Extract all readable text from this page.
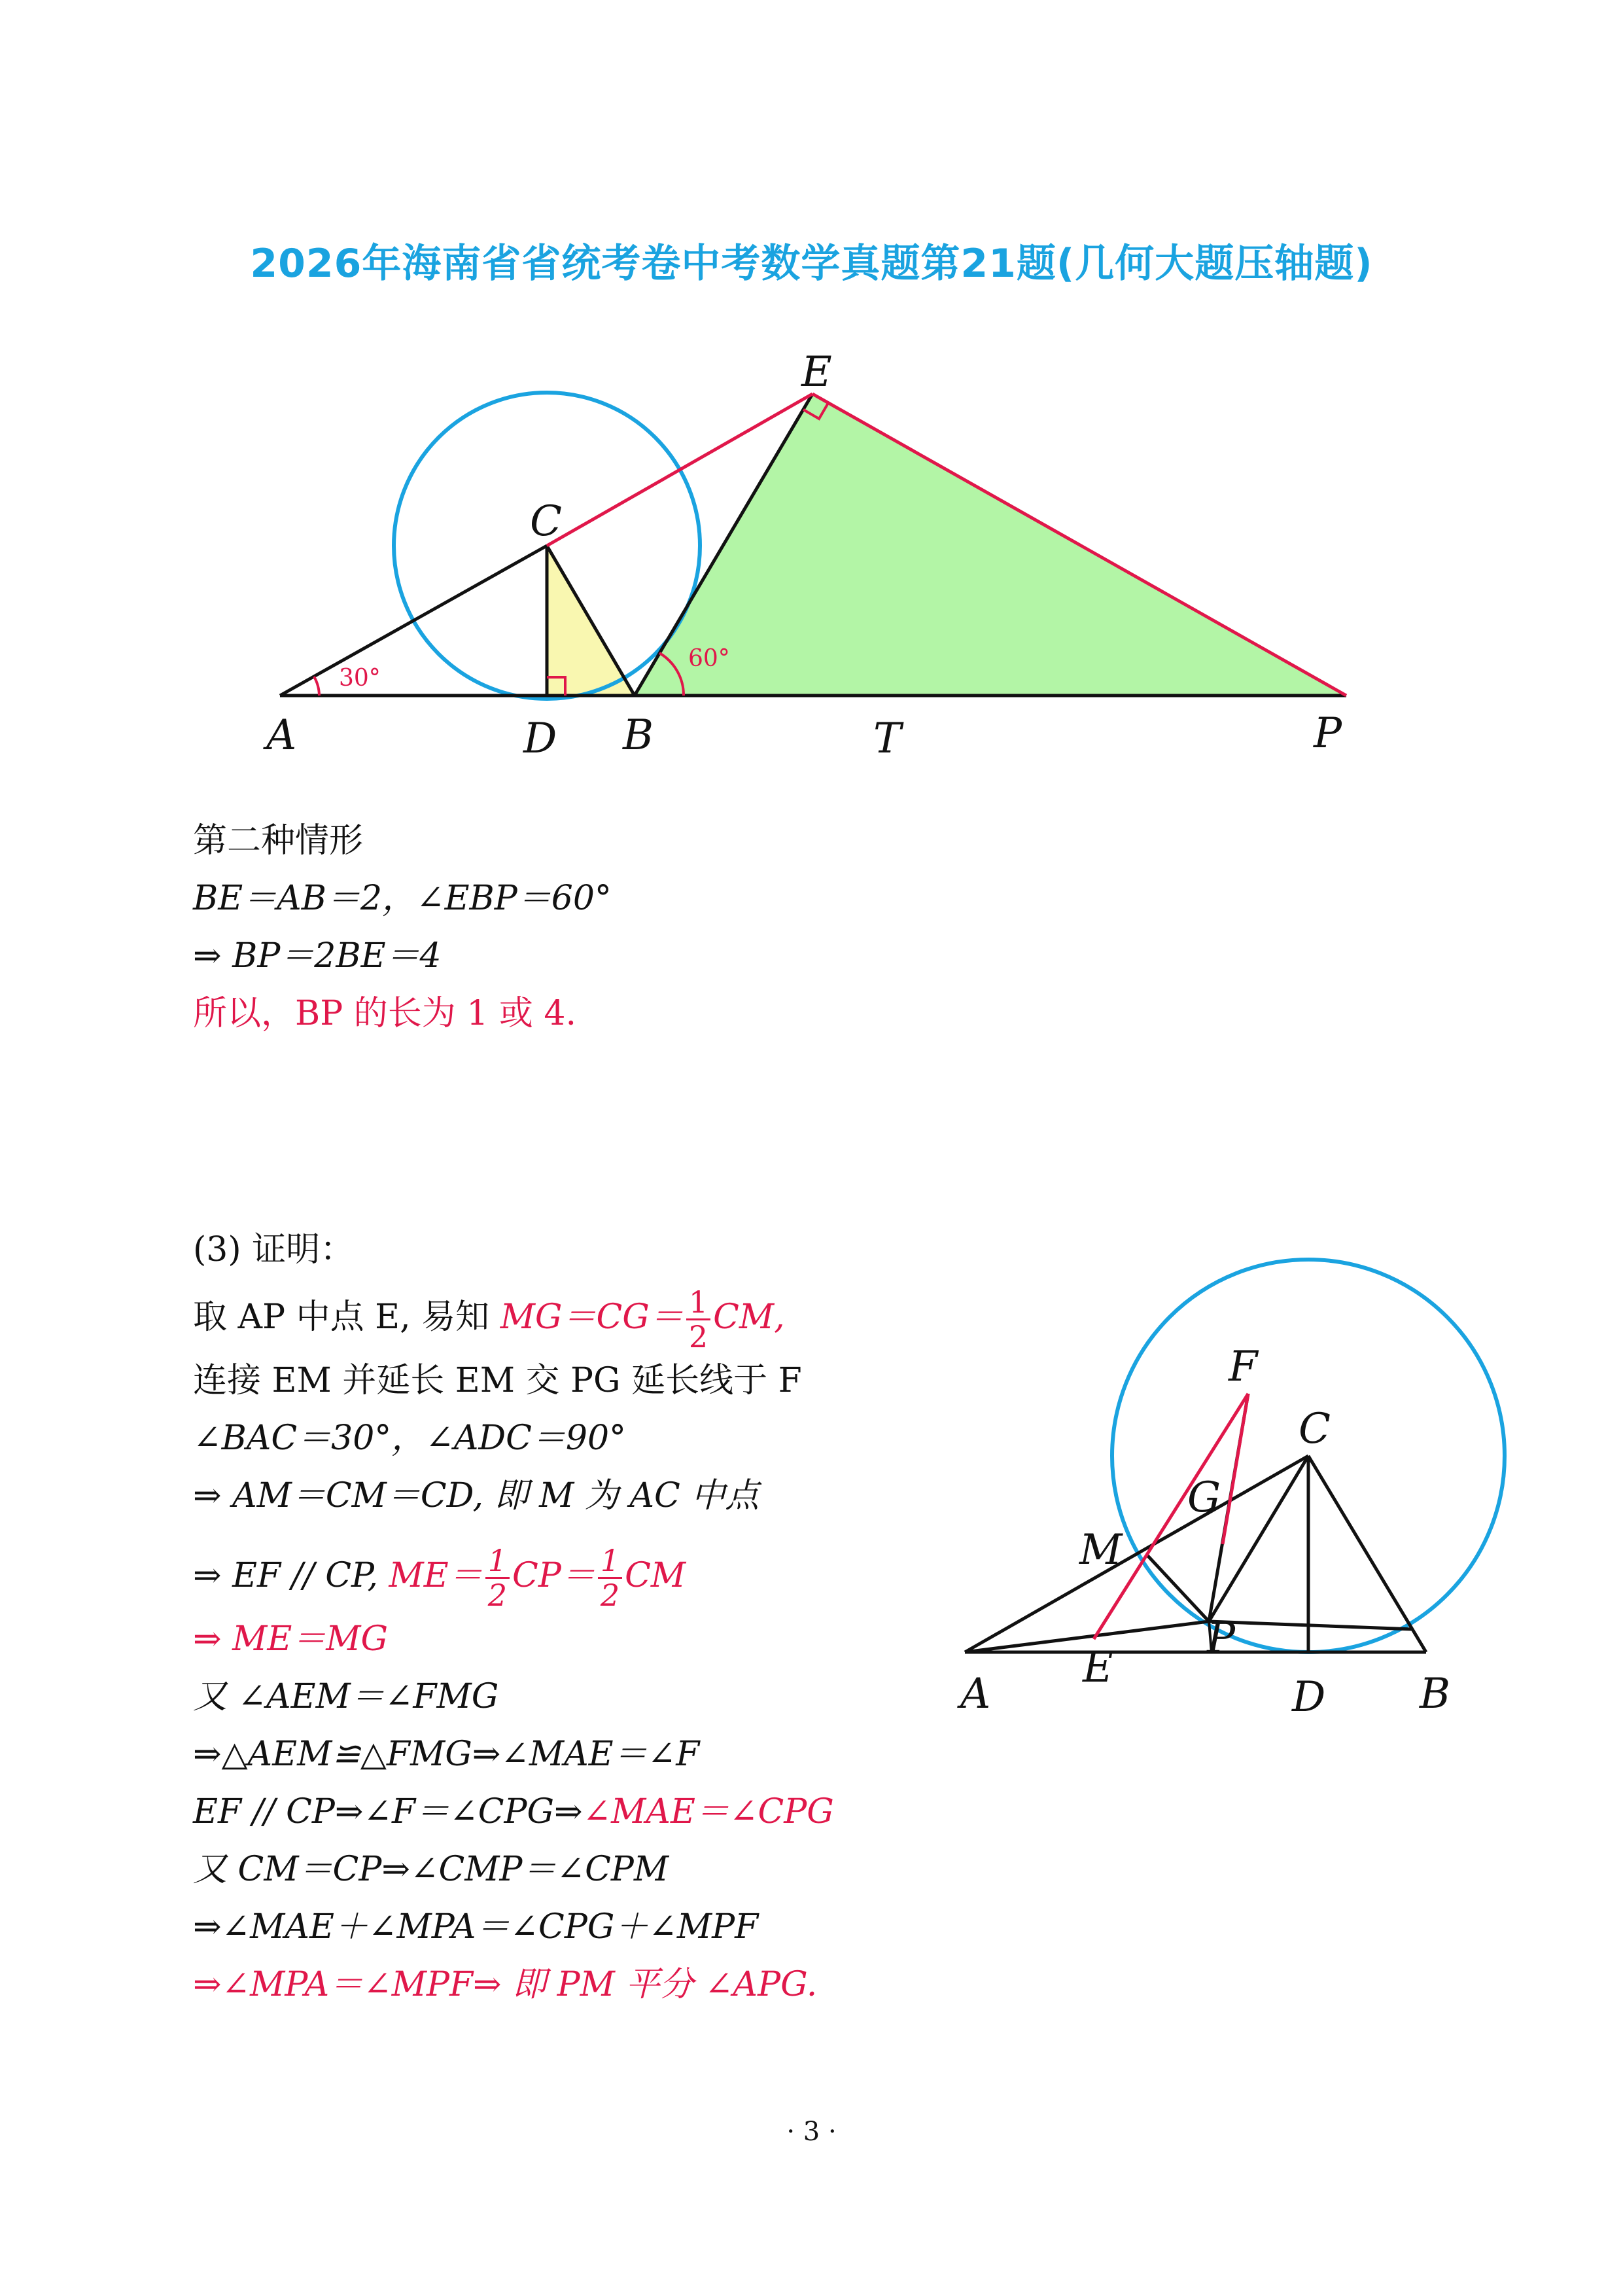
2026年海南省省统考卷中考数学真题第21题(几何大题压轴题)
30°
60°
A	D B	T	P
C
E
第二种情形
BE＝AB＝2，∠EBP＝60°
⇒ BP＝2BE＝4
所以，BP 的长为 1 或 4.
(3) 证明：
取 AP 中点 E, 易知 $MG=CG= \frac{1}{2}$ CM,
连接 EM 并延长 EM 交 PG 延长线于 F
∠BAC＝30°，∠ADC＝90°
⇒ AM＝CM＝CD, 即 M 为 AC 中点
⇒ EF // CP, $ME= \frac{1}{2} CP= \frac{1}{2}$ CM
⇒ ME＝MG
又 ∠AEM＝∠FMG
⇒△AEM≌△FMG⇒∠MAE＝∠F
EF // CP⇒∠F＝∠CPG⇒∠MAE＝∠CPG
又 CM＝CP⇒∠CMP＝∠CPM
⇒∠MAE＋∠MPA＝∠CPG＋∠MPF
⇒∠MPA＝∠MPF⇒ 即 PM 平分 ∠APG.
F
C
G
M
P
A
E
D B
· 3 ·
